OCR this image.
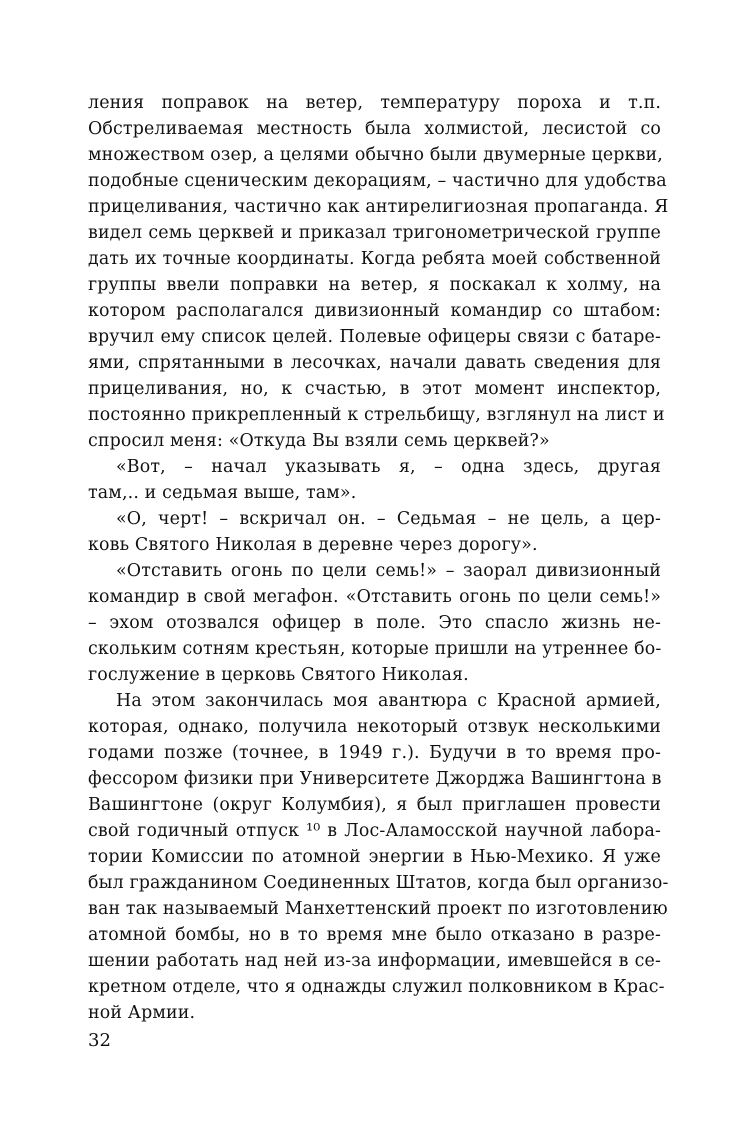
ления поправок на ветер, температуру пороха и т.п.
Обстреливаемая местность была холмистой, лесистой со
множеством озер, а целями обычно были двумерные церкви,
подобные сценическим декорациям, – частично для удобства
прицеливания, частично как антирелигиозная пропаганда. Я
видел семь церквей и приказал тригонометрической группе
дать их точные координаты. Когда ребята моей собственной
группы ввели поправки на ветер, я поскакал к холму, на
котором располагался дивизионный командир со штабом:
вручил ему список целей. Полевые офицеры связи с батаре-
ями, спрятанными в лесочках, начали давать сведения для
прицеливания, но, к счастью, в этот момент инспектор,
постоянно прикрепленный к стрельбищу, взглянул на лист и
спросил меня: «Откуда Вы взяли семь церквей?»
«Вот, – начал указывать я, – одна здесь, другая
там,.. и седьмая выше, там».
«О, черт! – вскричал он. – Седьмая – не цель, а цер-
ковь Святого Николая в деревне через дорогу».
«Отставить огонь по цели семь!» – заорал дивизионный
командир в свой мегафон. «Отставить огонь по цели семь!»
– эхом отозвался офицер в поле. Это спасло жизнь не-
скольким сотням крестьян, которые пришли на утреннее бо-
гослужение в церковь Святого Николая.
На этом закончилась моя авантюра с Красной армией,
которая, однако, получила некоторый отзвук несколькими
годами позже (точнее, в 1949 г.). Будучи в то время про-
фессором физики при Университете Джорджа Вашингтона в
Вашингтоне (округ Колумбия), я был приглашен провести
свой годичный отпуск ¹⁰ в Лос-Аламосской научной лабора-
тории Комиссии по атомной энергии в Нью-Мехико. Я уже
был гражданином Соединенных Штатов, когда был организо-
ван так называемый Манхеттенский проект по изготовлению
атомной бомбы, но в то время мне было отказано в разре-
шении работать над ней из-за информации, имевшейся в се-
кретном отделе, что я однажды служил полковником в Крас-
ной Армии.
32
